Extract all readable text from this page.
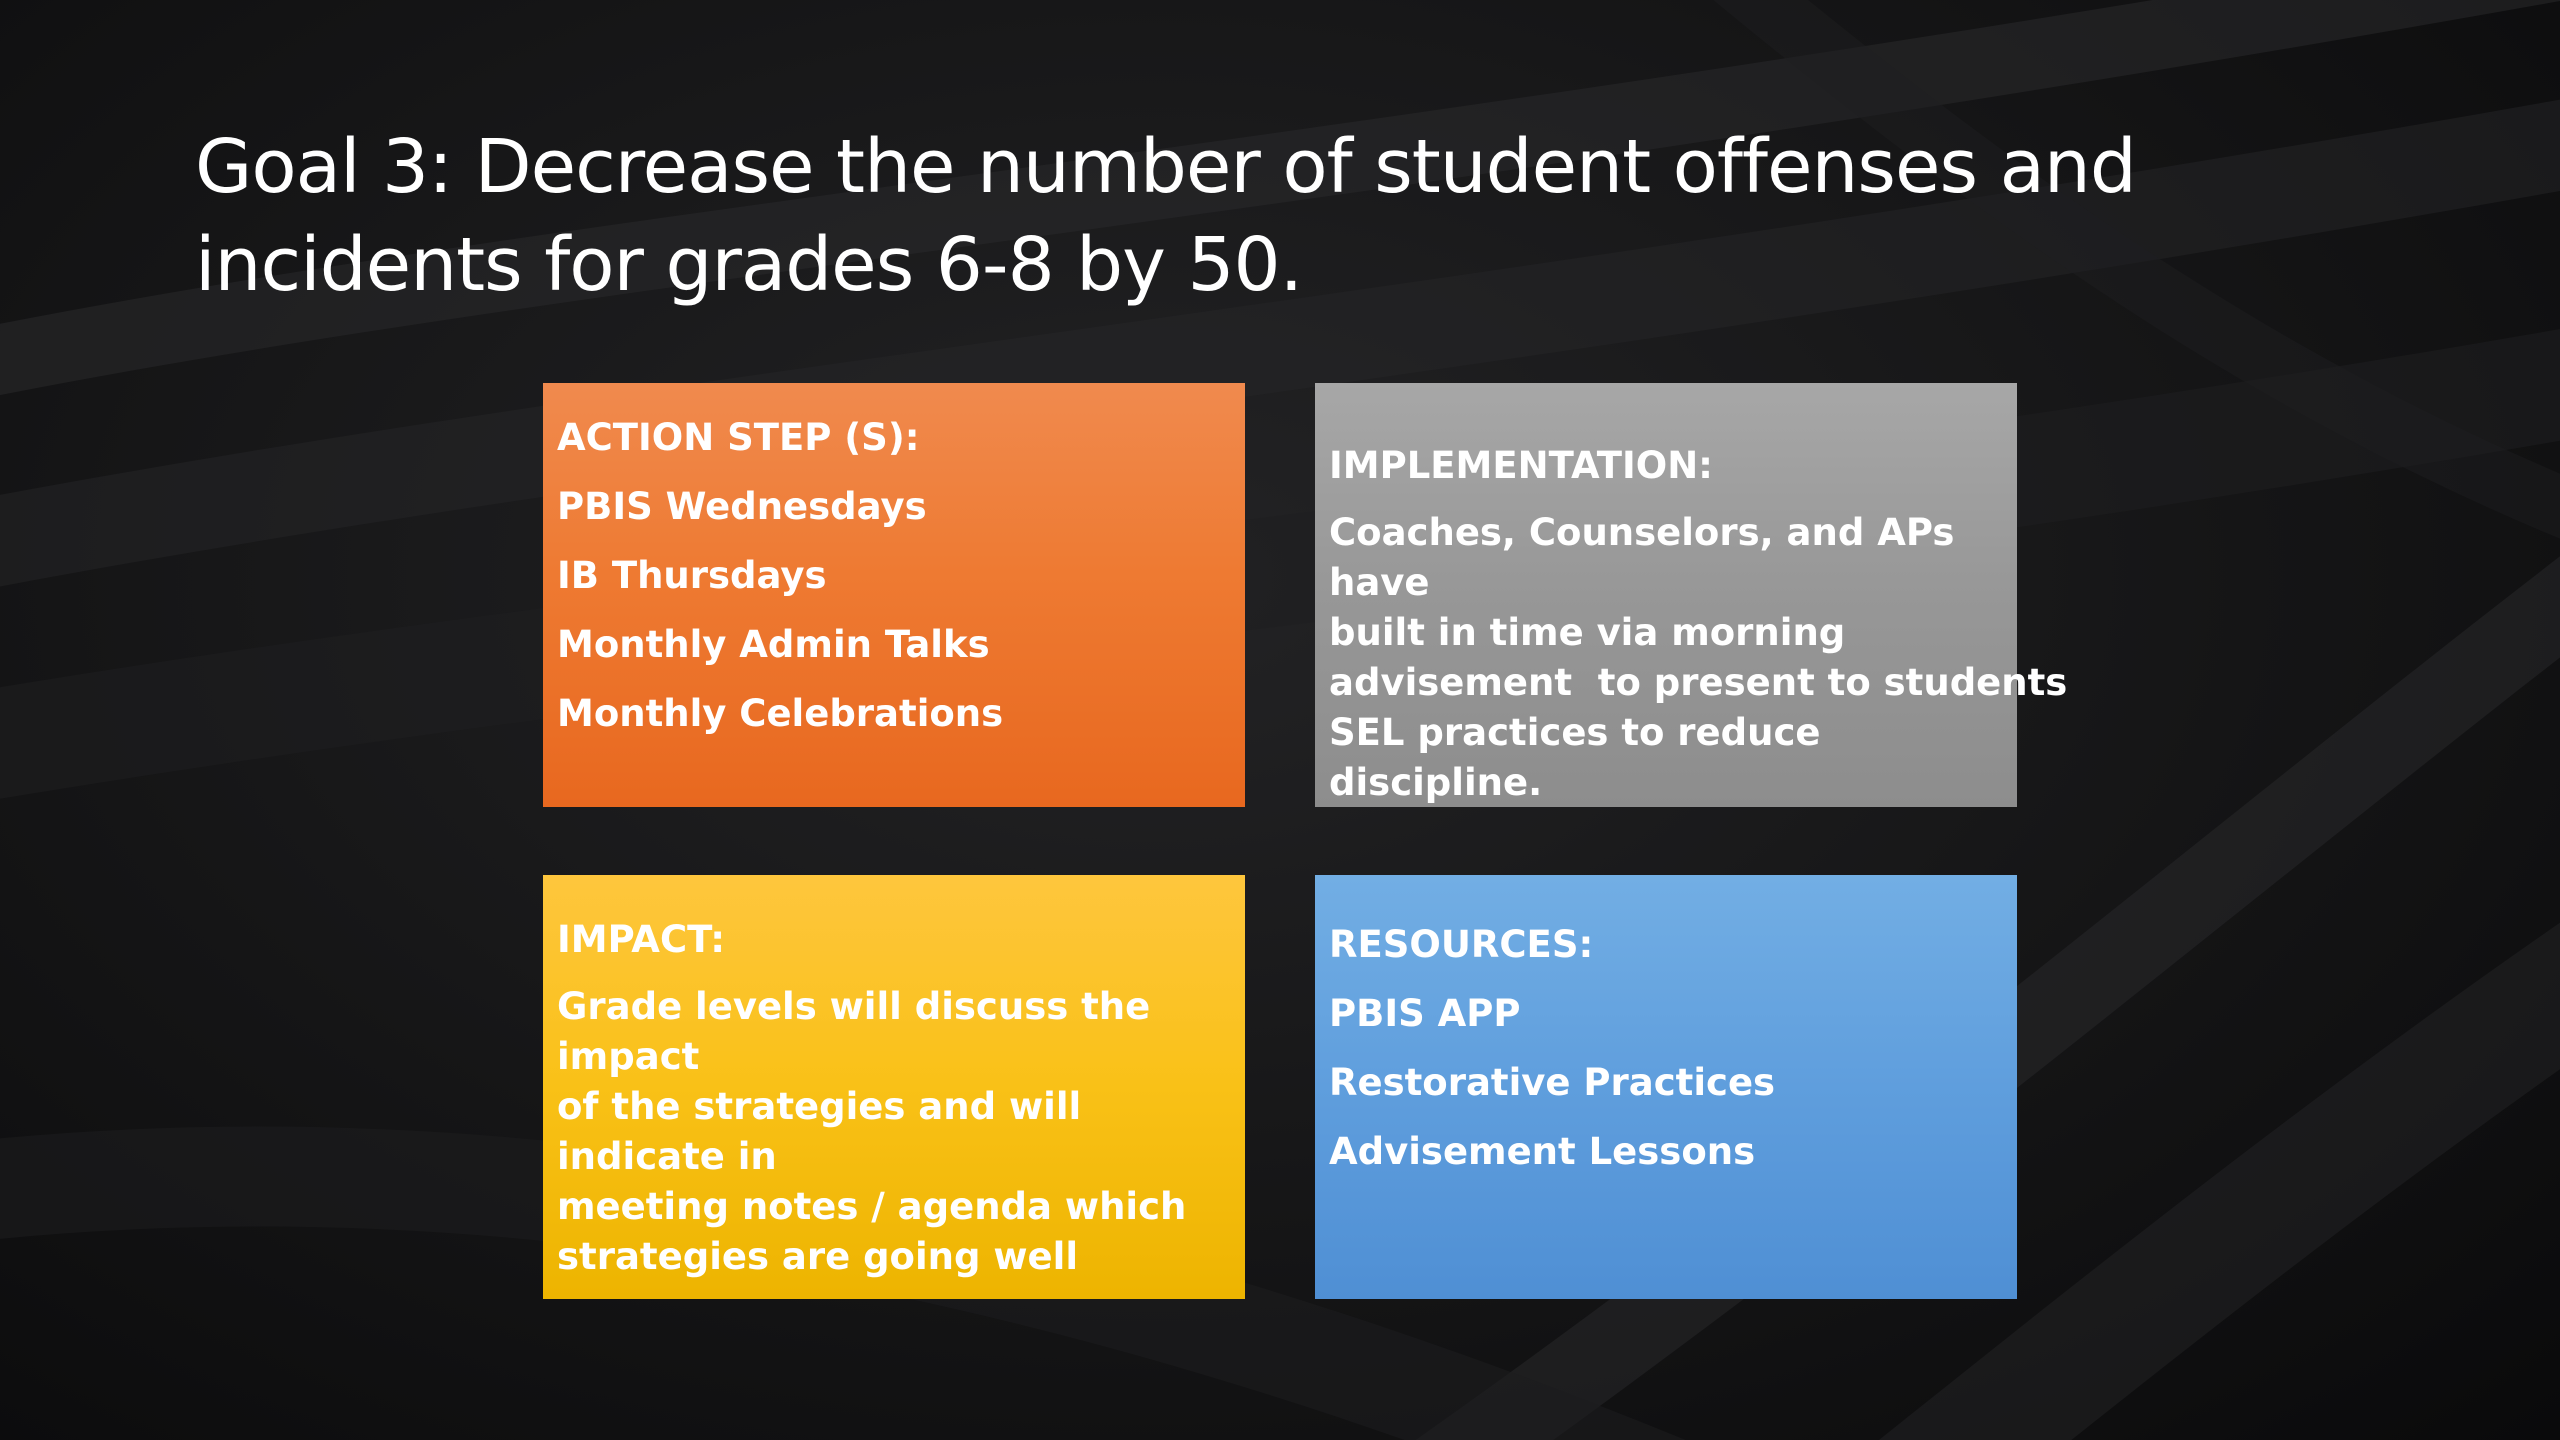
Goal 3: Decrease the number of student offenses and
incidents for grades 6-8 by 50.
ACTION STEP (S):
PBIS Wednesdays
IB Thursdays
Monthly Admin Talks
Monthly Celebrations
IMPLEMENTATION:
Coaches, Counselors, and APs have
built in time via morning
advisement  to present to students
SEL practices to reduce discipline.
IMPACT:
Grade levels will discuss the impact
of the strategies and will indicate in
meeting notes / agenda which
strategies are going well
RESOURCES:
PBIS APP
Restorative Practices
Advisement Lessons
